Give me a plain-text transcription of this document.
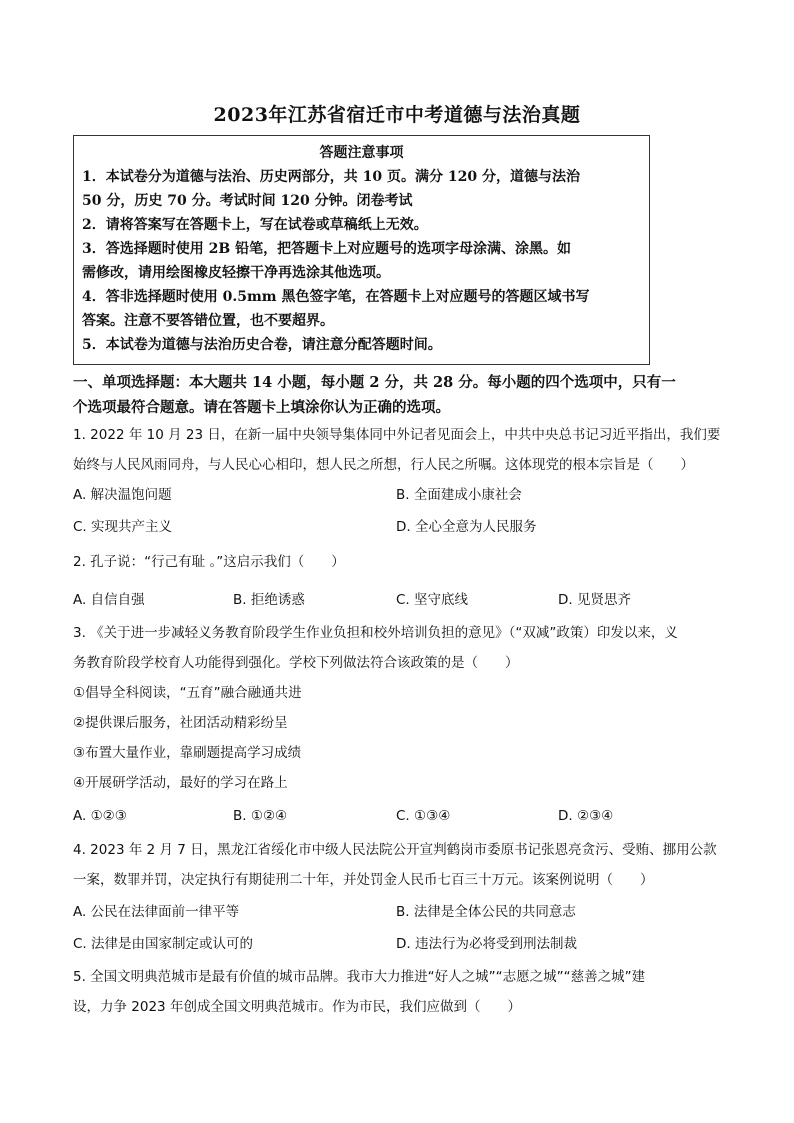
2023年江苏省宿迁市中考道德与法治真题
答题注意事项
1．本试卷分为道德与法治、历史两部分，共 10 页。满分 120 分，道德与法治
50 分，历史 70 分。考试时间 120 分钟。闭卷考试
2．请将答案写在答题卡上，写在试卷或草稿纸上无效。
3．答选择题时使用 2B 铅笔，把答题卡上对应题号的选项字母涂满、涂黑。如
需修改，请用绘图橡皮轻擦干净再选涂其他选项。
4．答非选择题时使用 0.5mm 黑色签字笔，在答题卡上对应题号的答题区域书写
答案。注意不要答错位置，也不要超界。
5．本试卷为道德与法治历史合卷，请注意分配答题时间。
一、单项选择题：本大题共 14 小题，每小题 2 分，共 28 分。每小题的四个选项中，只有一
个选项最符合题意。请在答题卡上填涂你认为正确的选项。
1. 2022 年 10 月 23 日，在新一届中央领导集体同中外记者见面会上，中共中央总书记习近平指出，我们要
始终与人民风雨同舟，与人民心心相印，想人民之所想，行人民之所嘱。这体现党的根本宗旨是（　　）
A. 解决温饱问题	B. 全面建成小康社会
C. 实现共产主义	D. 全心全意为人民服务
2. 孔子说：“行己有耻 。”这启示我们（　　）
A. 自信自强	B. 拒绝诱惑	C. 坚守底线	D. 见贤思齐
3. 《关于进一步减轻义务教育阶段学生作业负担和校外培训负担的意见》（“双减”政策）印发以来，义
务教育阶段学校育人功能得到强化。学校下列做法符合该政策的是（　　）
①倡导全科阅读，“五育”融合融通共进
②提供课后服务，社团活动精彩纷呈
③布置大量作业，靠刷题提高学习成绩
④开展研学活动，最好的学习在路上
A. ①②③	B. ①②④	C. ①③④	D. ②③④
4. 2023 年 2 月 7 日，黑龙江省绥化市中级人民法院公开宣判鹤岗市委原书记张恩亮贪污、受贿、挪用公款
一案，数罪并罚，决定执行有期徒刑二十年，并处罚金人民币七百三十万元。该案例说明（　　）
A. 公民在法律面前一律平等	B. 法律是全体公民的共同意志
C. 法律是由国家制定或认可的	D. 违法行为必将受到刑法制裁
5. 全国文明典范城市是最有价值的城市品牌。我市大力推进“好人之城”“志愿之城”“慈善之城”建
设，力争 2023 年创成全国文明典范城市。作为市民，我们应做到（　　）
